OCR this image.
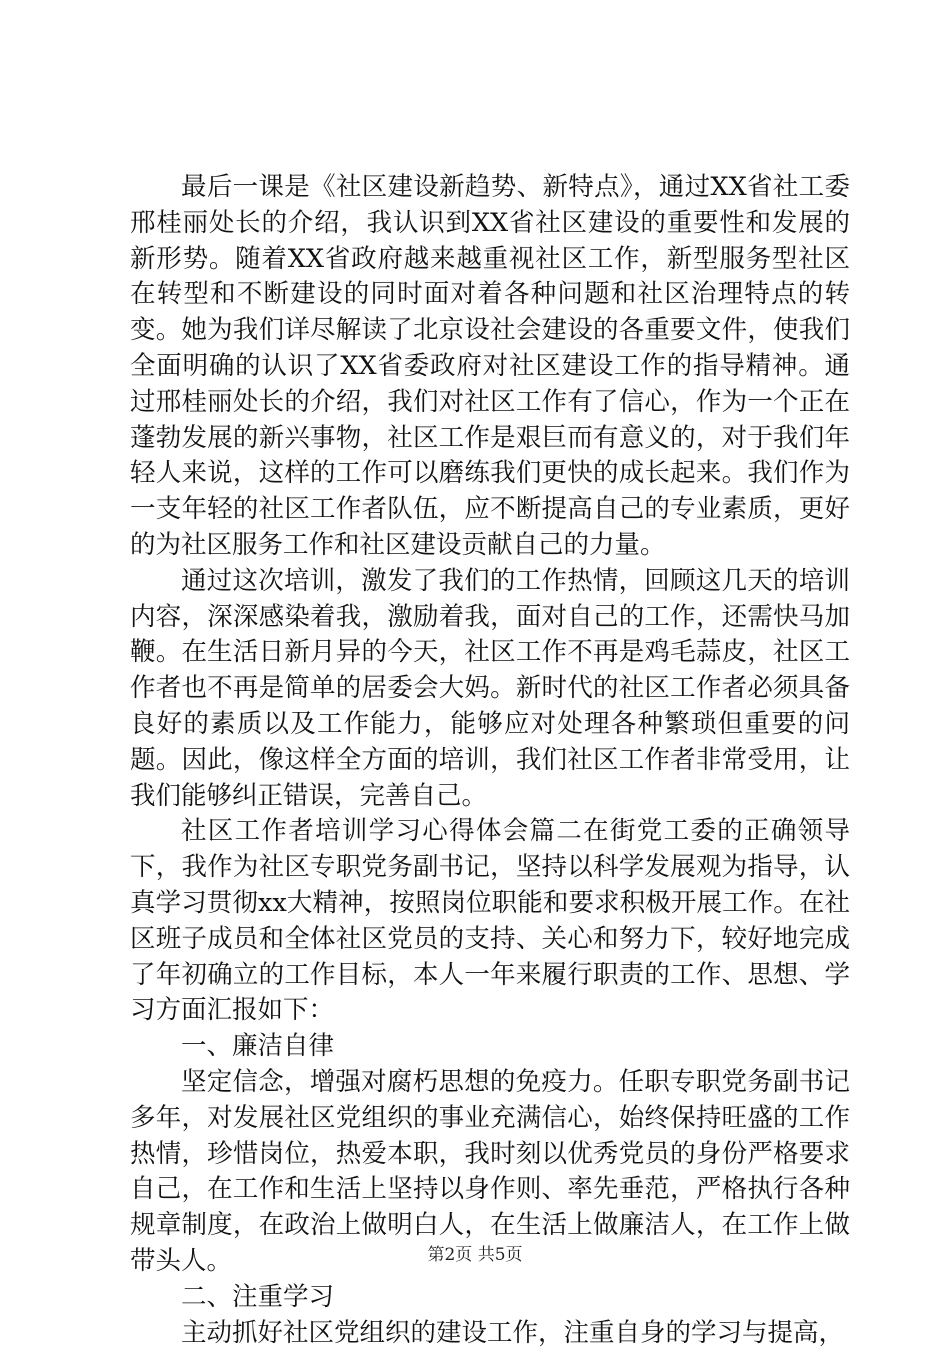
最后一课是《社区建设新趋势、新特点》，通过XX省社工委邢桂丽处长的介绍，我认识到XX省社区建设的重要性和发展的新形势。随着XX省政府越来越重视社区工作，新型服务型社区在转型和不断建设的同时面对着各种问题和社区治理特点的转变。她为我们详尽解读了北京设社会建设的各重要文件，使我们全面明确的认识了XX省委政府对社区建设工作的指导精神。通过邢桂丽处长的介绍，我们对社区工作有了信心，作为一个正在蓬勃发展的新兴事物，社区工作是艰巨而有意义的，对于我们年轻人来说，这样的工作可以磨练我们更快的成长起来。我们作为一支年轻的社区工作者队伍，应不断提高自己的专业素质，更好的为社区服务工作和社区建设贡献自己的力量。

通过这次培训，激发了我们的工作热情，回顾这几天的培训内容，深深感染着我，激励着我，面对自己的工作，还需快马加鞭。在生活日新月异的今天，社区工作不再是鸡毛蒜皮，社区工作者也不再是简单的居委会大妈。新时代的社区工作者必须具备良好的素质以及工作能力，能够应对处理各种繁琐但重要的问题。因此，像这样全方面的培训，我们社区工作者非常受用，让我们能够纠正错误，完善自己。

社区工作者培训学习心得体会篇二在街党工委的正确领导下，我作为社区专职党务副书记，坚持以科学发展观为指导，认真学习贯彻xx大精神，按照岗位职能和要求积极开展工作。在社区班子成员和全体社区党员的支持、关心和努力下，较好地完成了年初确立的工作目标，本人一年来履行职责的工作、思想、学习方面汇报如下：

一、廉洁自律

坚定信念，增强对腐朽思想的免疫力。任职专职党务副书记多年，对发展社区党组织的事业充满信心，始终保持旺盛的工作热情，珍惜岗位，热爱本职，我时刻以优秀党员的身份严格要求自己，在工作和生活上坚持以身作则、率先垂范，严格执行各种规章制度，在政治上做明白人，在生活上做廉洁人，在工作上做带头人。

二、注重学习

主动抓好社区党组织的建设工作，注重自身的学习与提高，

第2页 共5页
